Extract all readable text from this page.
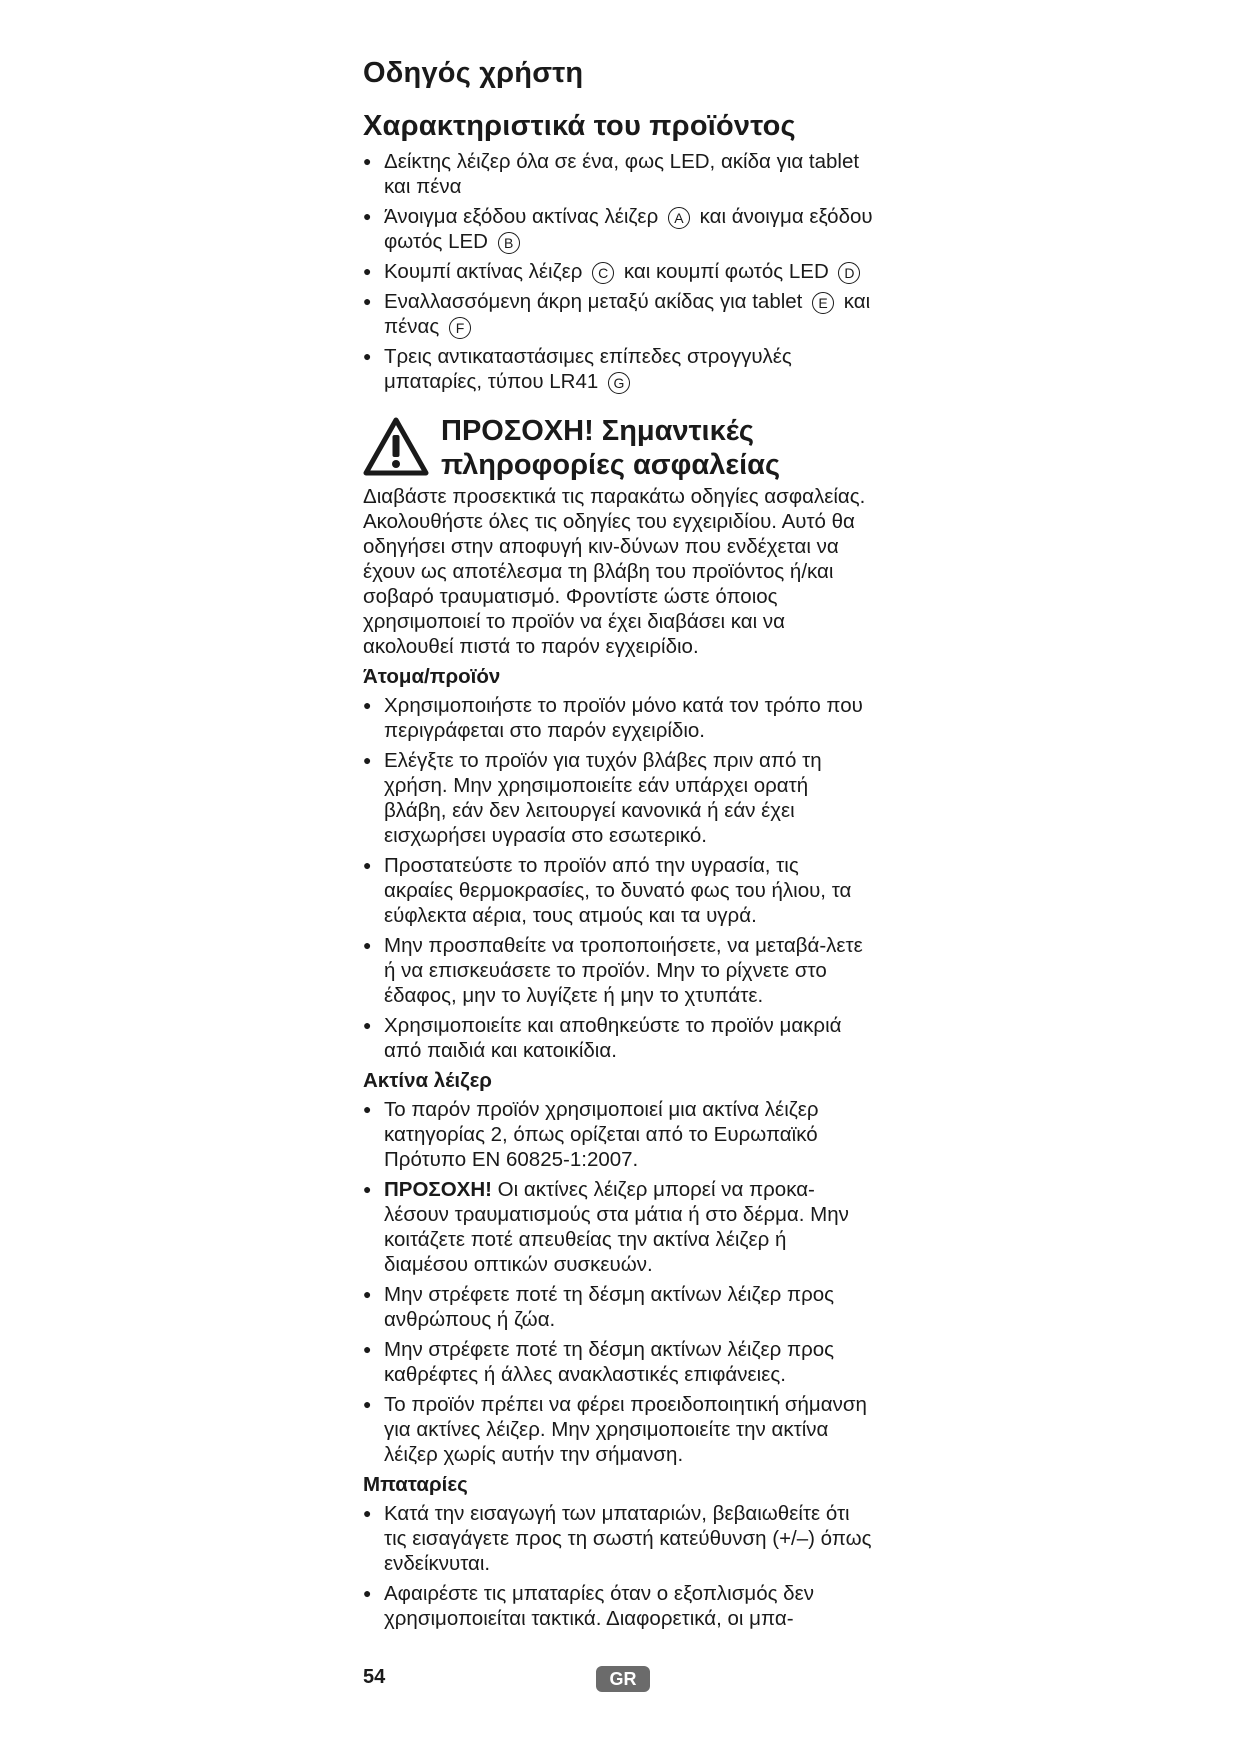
Οδηγός χρήστη
Χαρακτηριστικά του προϊόντος
● Δείκτης λέιζερ όλα σε ένα, φως LED, ακίδα για tablet και πένα
● Άνοιγμα εξόδου ακτίνας λέιζερ A και άνοιγμα εξόδου φωτός LED B
● Κουμπί ακτίνας λέιζερ C και κουμπί φωτός LED D
● Εναλλασσόμενη άκρη μεταξύ ακίδας για tablet E και πένας F
● Τρεις αντικαταστάσιμες επίπεδες στρογγυλές μπαταρίες, τύπου LR41 G
ΠΡΟΣΟΧΗ! Σημαντικές
πληροφορίες ασφαλείας

Διαβάστε προσεκτικά τις παρακάτω οδηγίες ασφαλείας. Ακολουθήστε όλες τις οδηγίες του εγχειριδίου. Αυτό θα οδηγήσει στην αποφυγή κιν-δύνων που ενδέχεται να έχουν ως αποτέλεσμα τη βλάβη του προϊόντος ή/και σοβαρό τραυματισμό. Φροντίστε ώστε όποιος χρησιμοποιεί το προϊόν να έχει διαβάσει και να ακολουθεί πιστά το παρόν εγχειρίδιο.

Άτομα/προϊόν
● Χρησιμοποιήστε το προϊόν μόνο κατά τον τρόπο που περιγράφεται στο παρόν εγχειρίδιο.
● Ελέγξτε το προϊόν για τυχόν βλάβες πριν από τη χρήση. Μην χρησιμοποιείτε εάν υπάρχει ορατή βλάβη, εάν δεν λειτουργεί κανονικά ή εάν έχει εισχωρήσει υγρασία στο εσωτερικό.
● Προστατεύστε το προϊόν από την υγρασία, τις ακραίες θερμοκρασίες, το δυνατό φως του ήλιου, τα εύφλεκτα αέρια, τους ατμούς και τα υγρά.
● Μην προσπαθείτε να τροποποιήσετε, να μεταβά-λετε ή να επισκευάσετε το προϊόν. Μην το ρίχνετε στο έδαφος, μην το λυγίζετε ή μην το χτυπάτε.
● Χρησιμοποιείτε και αποθηκεύστε το προϊόν μακριά από παιδιά και κατοικίδια.
Ακτίνα λέιζερ
● Το παρόν προϊόν χρησιμοποιεί μια ακτίνα λέιζερ κατηγορίας 2, όπως ορίζεται από το Ευρωπαϊκό Πρότυπο EN 60825-1:2007.
● ΠΡΟΣΟΧΗ! Οι ακτίνες λέιζερ μπορεί να προκα-λέσουν τραυματισμούς στα μάτια ή στο δέρμα. Μην κοιτάζετε ποτέ απευθείας την ακτίνα λέιζερ ή διαμέσου οπτικών συσκευών.
● Μην στρέφετε ποτέ τη δέσμη ακτίνων λέιζερ προς ανθρώπους ή ζώα.
● Μην στρέφετε ποτέ τη δέσμη ακτίνων λέιζερ προς καθρέφτες ή άλλες ανακλαστικές επιφάνειες.
● Το προϊόν πρέπει να φέρει προειδοποιητική σήμανση για ακτίνες λέιζερ. Μην χρησιμοποιείτε την ακτίνα λέιζερ χωρίς αυτήν την σήμανση.
Μπαταρίες
● Κατά την εισαγωγή των μπαταριών, βεβαιωθείτε ότι τις εισαγάγετε προς τη σωστή κατεύθυνση (+/–) όπως ενδείκνυται.
● Αφαιρέστε τις μπαταρίες όταν ο εξοπλισμός δεν χρησιμοποιείται τακτικά. Διαφορετικά, οι μπα-
54	GR
